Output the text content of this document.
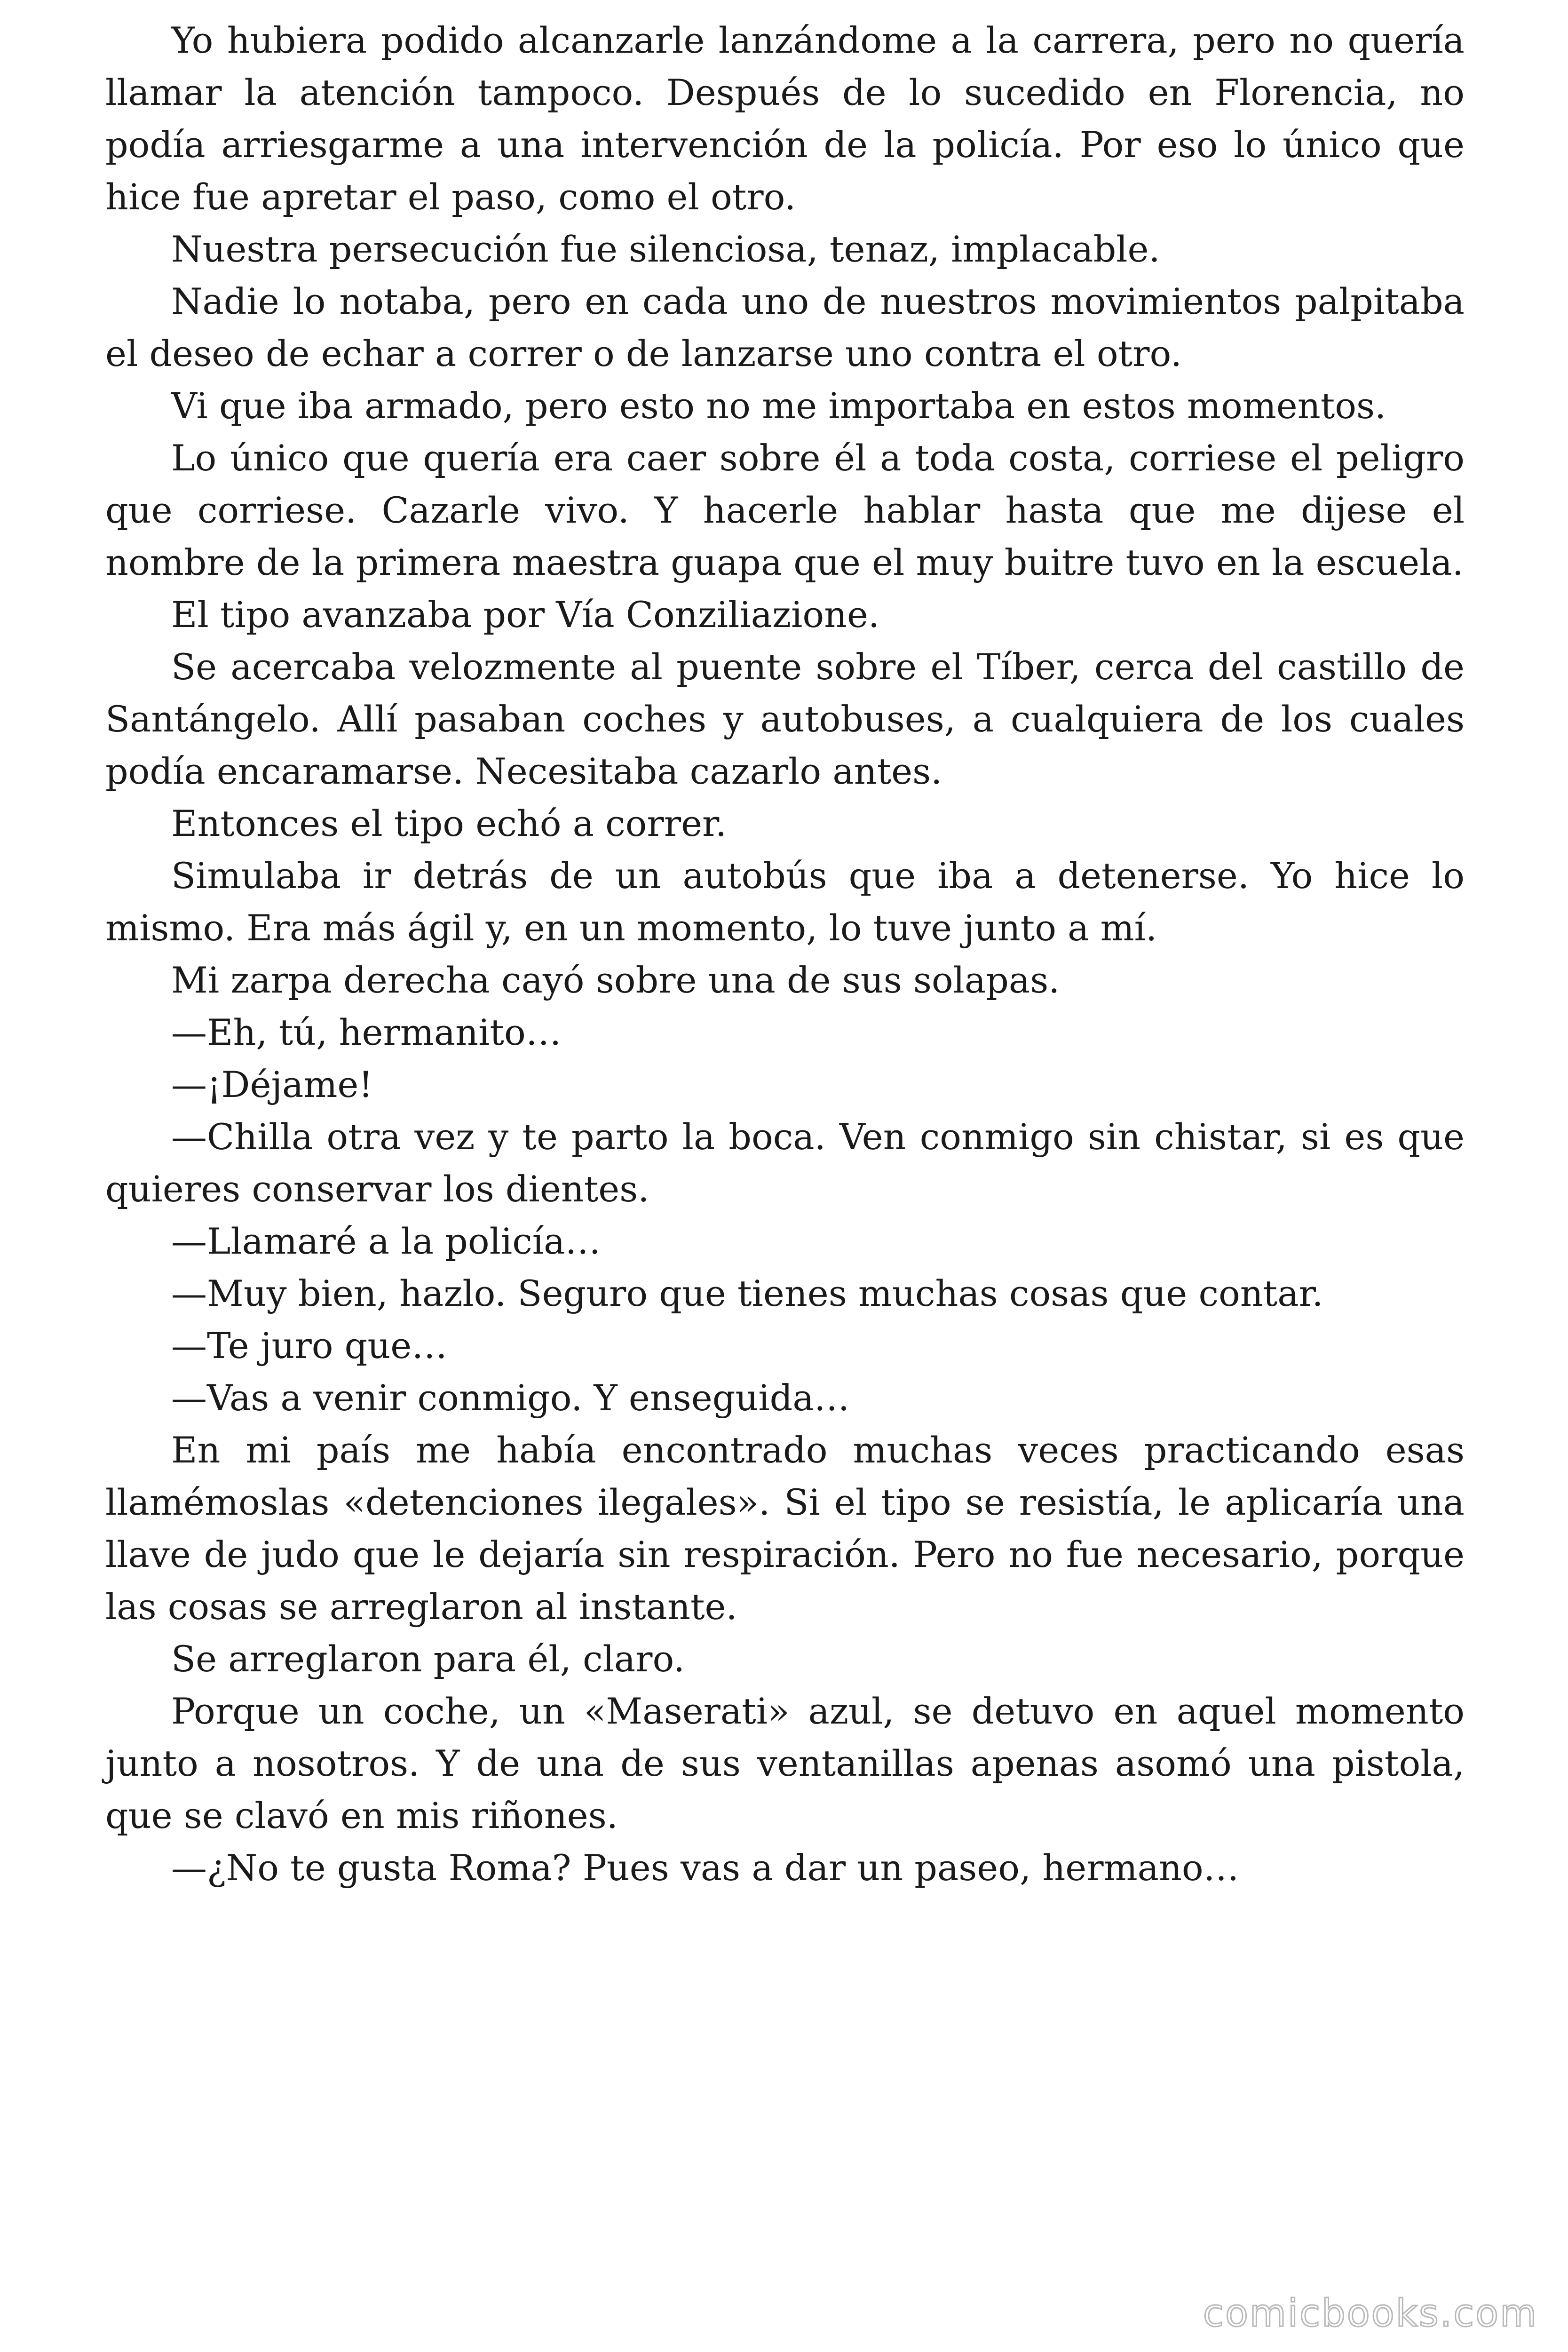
Yo hubiera podido alcanzarle lanzándome a la carrera, pero no quería llamar la atención tampoco. Después de lo sucedido en Florencia, no podía arriesgarme a una intervención de la policía. Por eso lo único que hice fue apretar el paso, como el otro.

Nuestra persecución fue silenciosa, tenaz, implacable.

Nadie lo notaba, pero en cada uno de nuestros movimientos palpitaba el deseo de echar a correr o de lanzarse uno contra el otro.

Vi que iba armado, pero esto no me importaba en estos momentos.

Lo único que quería era caer sobre él a toda costa, corriese el peligro que corriese. Cazarle vivo. Y hacerle hablar hasta que me dijese el nombre de la primera maestra guapa que el muy buitre tuvo en la escuela.

El tipo avanzaba por Vía Conziliazione.

Se acercaba velozmente al puente sobre el Tíber, cerca del castillo de Santángelo. Allí pasaban coches y autobuses, a cualquiera de los cuales podía encaramarse. Necesitaba cazarlo antes.

Entonces el tipo echó a correr.

Simulaba ir detrás de un autobús que iba a detenerse. Yo hice lo mismo. Era más ágil y, en un momento, lo tuve junto a mí.

Mi zarpa derecha cayó sobre una de sus solapas.

—Eh, tú, hermanito…

—¡Déjame!

—Chilla otra vez y te parto la boca. Ven conmigo sin chistar, si es que quieres conservar los dientes.

—Llamaré a la policía…

—Muy bien, hazlo. Seguro que tienes muchas cosas que contar.

—Te juro que…

—Vas a venir conmigo. Y enseguida…

En mi país me había encontrado muchas veces practicando esas llamémoslas «detenciones ilegales». Si el tipo se resistía, le aplicaría una llave de judo que le dejaría sin respiración. Pero no fue necesario, porque las cosas se arreglaron al instante.

Se arreglaron para él, claro.

Porque un coche, un «Maserati» azul, se detuvo en aquel momento junto a nosotros. Y de una de sus ventanillas apenas asomó una pistola, que se clavó en mis riñones.

—¿No te gusta Roma? Pues vas a dar un paseo, hermano…

comicbooks.com
